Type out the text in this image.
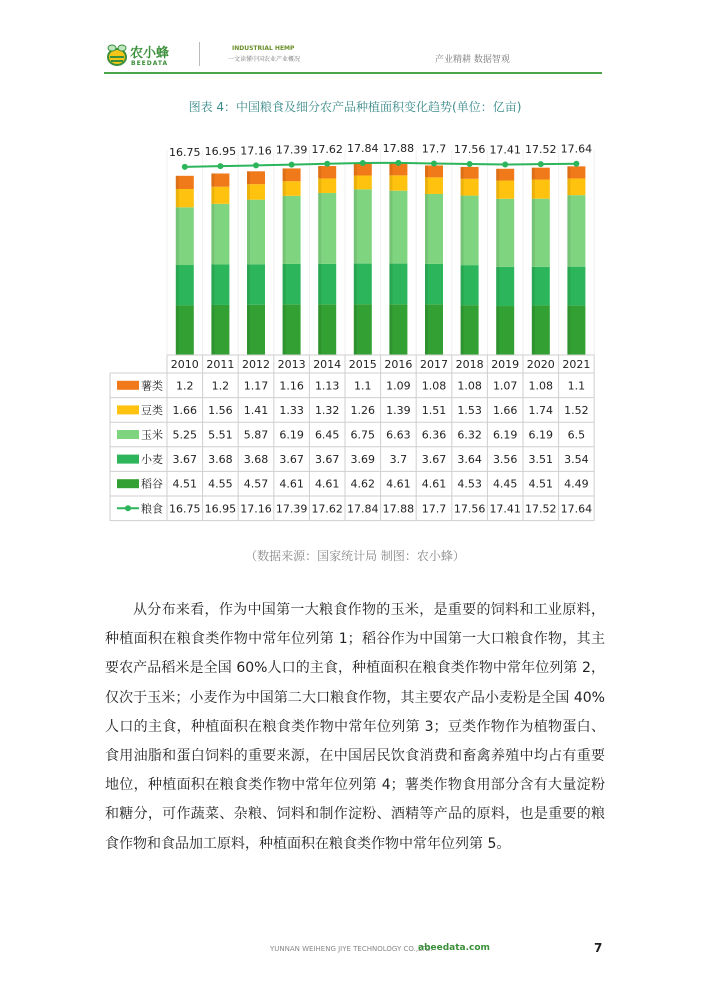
农小蜂
BEEDATA
INDUSTRIAL HEMP
一文读懂中国农业产业概况	产业精耕 数据智观
图表 4：中国粮食及细分农产品种植面积变化趋势(单位：亿亩)
16.75 16.95 17.16 17.39 17.62 17.84 17.88 17.7 17.56 17.41 17.52 17.64
2010 2011 2012 2013 2014 2015 2016 2017 2018 2019 2020 2021
薯类 1.2 1.2 1.17 1.16 1.13 1.1 1.09 1.08 1.08 1.07 1.08 1.1
豆类 1.66 1.56 1.41 1.33 1.32 1.26 1.39 1.51 1.53 1.66 1.74 1.52
玉米 5.25 5.51 5.87 6.19 6.45 6.75 6.63 6.36 6.32 6.19 6.19 6.5
小麦 3.67 3.68 3.68 3.67 3.67 3.69 3.7 3.67 3.64 3.56 3.51 3.54
稻谷 4.51 4.55 4.57 4.61 4.61 4.62 4.61 4.61 4.53 4.45 4.51 4.49
粮食 16.75 16.95 17.16 17.39 17.62 17.84 17.88 17.7 17.56 17.41 17.52 17.64
（数据来源：国家统计局 制图：农小蜂）

从分布来看，作为中国第一大粮食作物的玉米，是重要的饲料和工业原料，种植面积在粮食类作物中常年位列第 1；稻谷作为中国第一大口粮食作物，其主要农产品稻米是全国 60%人口的主食，种植面积在粮食类作物中常年位列第 2，仅次于玉米；小麦作为中国第二大口粮食作物，其主要农产品小麦粉是全国 40%人口的主食，种植面积在粮食类作物中常年位列第 3；豆类作物作为植物蛋白、食用油脂和蛋白饲料的重要来源，在中国居民饮食消费和畜禽养殖中均占有重要地位，种植面积在粮食类作物中常年位列第 4；薯类作物食用部分含有大量淀粉和糖分，可作蔬菜、杂粮、饲料和制作淀粉、酒精等产品的原料，也是重要的粮食作物和食品加工原料，种植面积在粮食类作物中常年位列第 5。

YUNNAN WEIHENG JIYE TECHNOLOGY CO.,LTD.
abeedata.com	7
